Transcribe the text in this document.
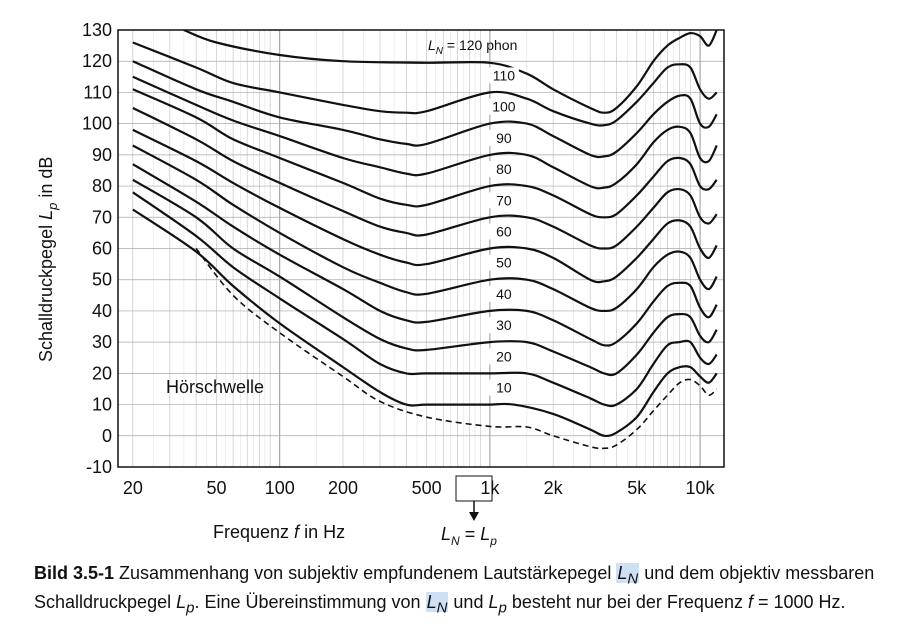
-10
0
10
20
30
40
50
60
70
80
90
100
110
120
130
20	50 100 200	500 1k 2k	5k 10k
10
20
30
40
50
60
70
80
90
100
110
$L_N = L_p$
Frequenz f in Hz
Schalldruckpegel $L_p$ in dB
$L_N = 120$ phon
Hörschwelle
Bild 3.5-1 Zusammenhang von subjektiv empfundenem Lautstärkepegel $L_N$ und dem objektiv messbaren Schalldruckpegel $L_p$. Eine Übereinstimmung von $L_N$ und $L_p$ besteht nur bei der Frequenz f = 1000 Hz.
